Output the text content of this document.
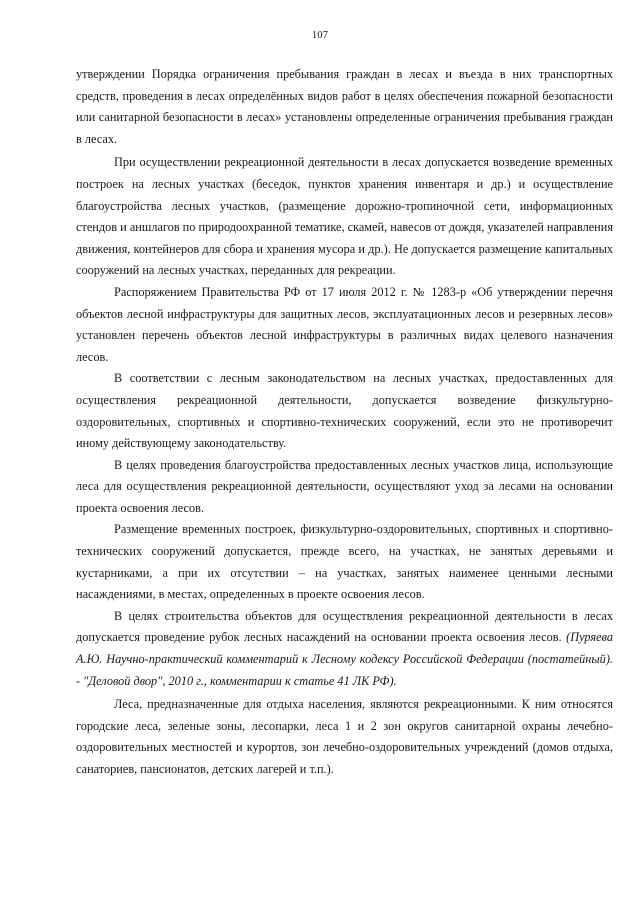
107

утверждении Порядка ограничения пребывания граждан в лесах и въезда в них транспортных средств, проведения в лесах определённых видов работ в целях обеспечения пожарной безопасности или санитарной безопасности в лесах» установлены определенные ограничения пребывания граждан в лесах.

При осуществлении рекреационной деятельности в лесах допускается возведение временных построек на лесных участках (беседок, пунктов хранения инвентаря и др.) и осуществление благоустройства лесных участков, (размещение дорожно-тропиночной сети, информационных стендов и аншлагов по природоохранной тематике, скамей, навесов от дождя, указателей направления движения, контейнеров для сбора и хранения мусора и др.). Не допускается размещение капитальных сооружений на лесных участках, переданных для рекреации.

Распоряжением Правительства РФ от 17 июля 2012 г. № 1283-р «Об утверждении перечня объектов лесной инфраструктуры для защитных лесов, эксплуатационных лесов и резервных лесов» установлен перечень объектов лесной инфраструктуры в различных видах целевого назначения лесов.

В соответствии с лесным законодательством на лесных участках, предоставленных для осуществления рекреационной деятельности, допускается возведение физкультурно-оздоровительных, спортивных и спортивно-технических сооружений, если это не противоречит иному действующему законодательству.

В целях проведения благоустройства предоставленных лесных участков лица, использующие леса для осуществления рекреационной деятельности, осуществляют уход за лесами на основании проекта освоения лесов.

Размещение временных построек, физкультурно-оздоровительных, спортивных и спортивно-технических сооружений допускается, прежде всего, на участках, не занятых деревьями и кустарниками, а при их отсутствии – на участках, занятых наименее ценными лесными насаждениями, в местах, определенных в проекте освоения лесов.

В целях строительства объектов для осуществления рекреационной деятельности в лесах допускается проведение рубок лесных насаждений на основании проекта освоения лесов. (Пуряева А.Ю. Научно-практический комментарий к Лесному кодексу Российской Федерации (постатейный). - "Деловой двор", 2010 г., комментарии к статье 41 ЛК РФ).

Леса, предназначенные для отдыха населения, являются рекреационными. К ним относятся городские леса, зеленые зоны, лесопарки, леса 1 и 2 зон округов санитарной охраны лечебно-оздоровительных местностей и курортов, зон лечебно-оздоровительных учреждений (домов отдыха, санаториев, пансионатов, детских лагерей и т.п.).
